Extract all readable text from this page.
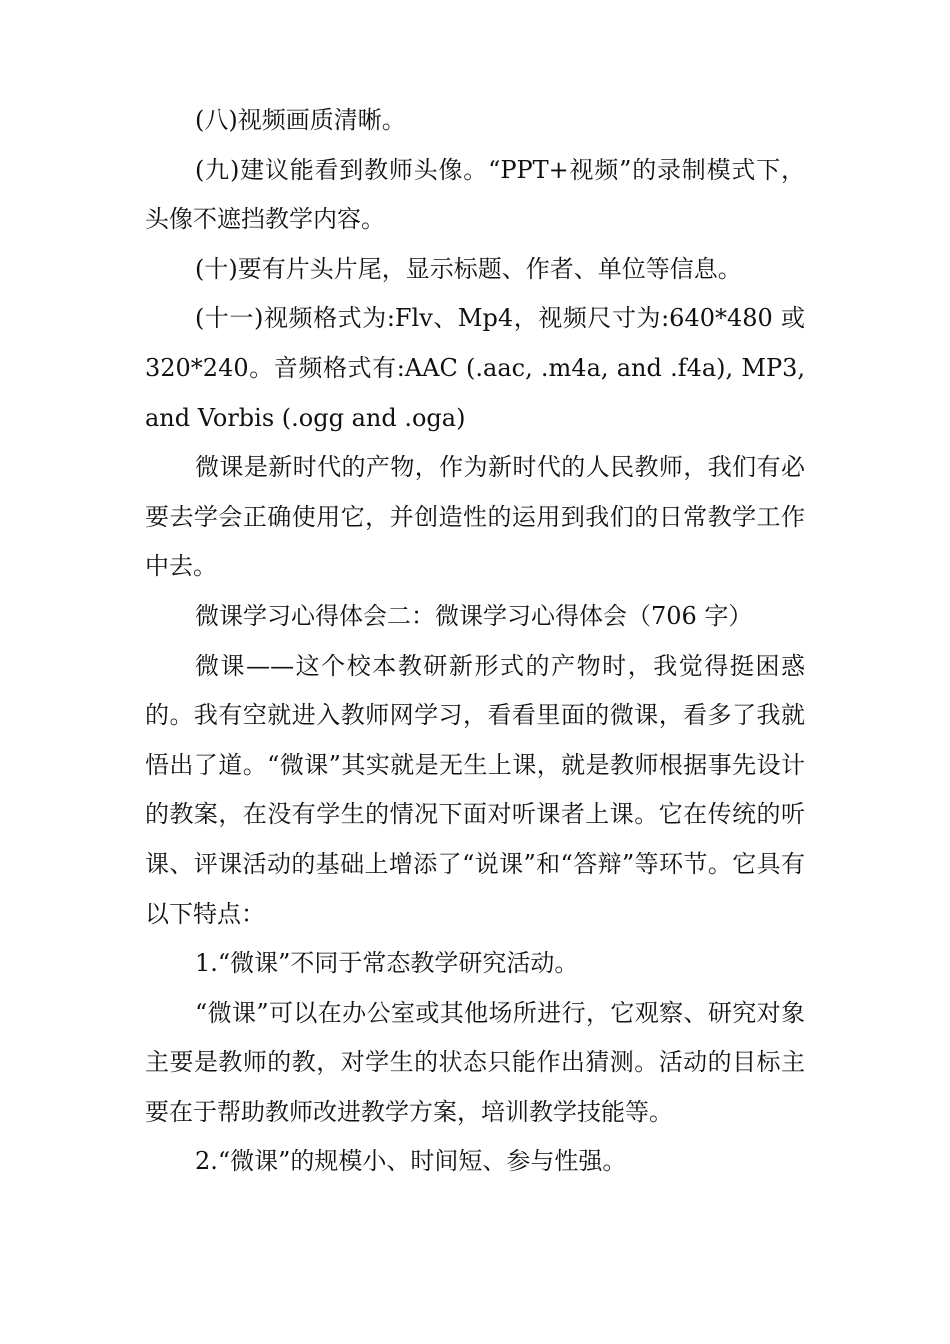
(八)视频画质清晰。

(九)建议能看到教师头像。“PPT+视频”的录制模式下，头像不遮挡教学内容。

(十)要有片头片尾，显示标题、作者、单位等信息。

(十一)视频格式为:Flv、Mp4，视频尺寸为:640*480 或 320*240。音频格式有:AAC (.aac, .m4a, and .f4a), MP3, and Vorbis (.ogg and .oga)

微课是新时代的产物，作为新时代的人民教师，我们有必要去学会正确使用它，并创造性的运用到我们的日常教学工作中去。

微课学习心得体会二：微课学习心得体会（706 字）

微课——这个校本教研新形式的产物时，我觉得挺困惑的。我有空就进入教师网学习，看看里面的微课，看多了我就悟出了道。“微课”其实就是无生上课，就是教师根据事先设计的教案，在没有学生的情况下面对听课者上课。它在传统的听课、评课活动的基础上增添了“说课”和“答辩”等环节。它具有以下特点：

1.“微课”不同于常态教学研究活动。

“微课”可以在办公室或其他场所进行，它观察、研究对象主要是教师的教，对学生的状态只能作出猜测。活动的目标主要在于帮助教师改进教学方案，培训教学技能等。

2.“微课”的规模小、时间短、参与性强。
